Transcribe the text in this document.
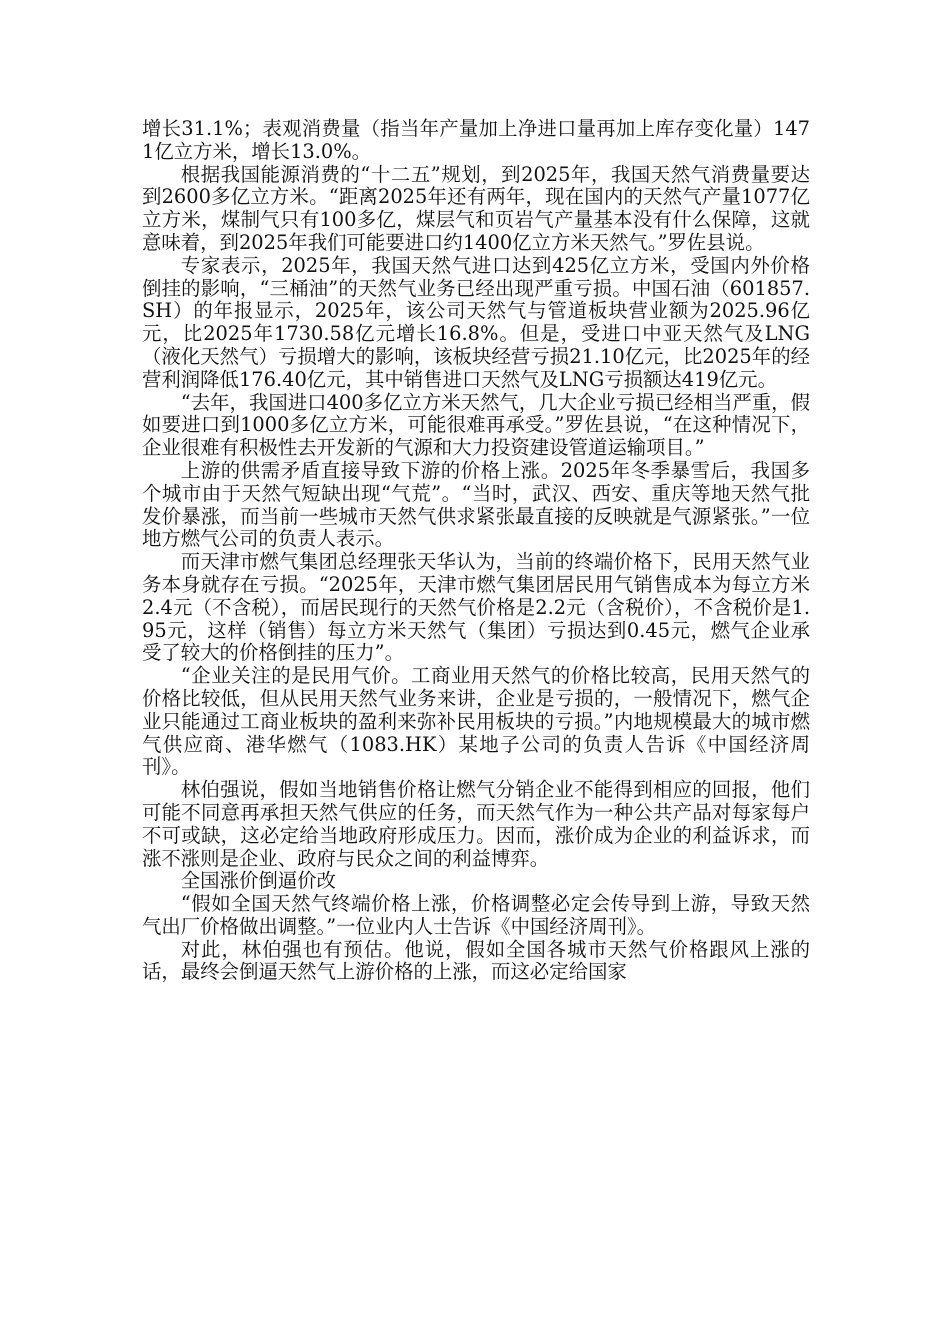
增长31.1%；表观消费量（指当年产量加上净进口量再加上库存变化量）1471亿立方米，增长13.0%。

根据我国能源消费的“十二五”规划，到2025年，我国天然气消费量要达到2600多亿立方米。“距离2025年还有两年，现在国内的天然气产量1077亿立方米，煤制气只有100多亿，煤层气和页岩气产量基本没有什么保障，这就意味着，到2025年我们可能要进口约1400亿立方米天然气。”罗佐县说。

专家表示，2025年，我国天然气进口达到425亿立方米，受国内外价格倒挂的影响，“三桶油”的天然气业务已经出现严重亏损。中国石油（601857.SH）的年报显示，2025年，该公司天然气与管道板块营业额为2025.96亿元，比2025年1730.58亿元增长16.8%。但是，受进口中亚天然气及LNG（液化天然气）亏损增大的影响，该板块经营亏损21.10亿元，比2025年的经营利润降低176.40亿元，其中销售进口天然气及LNG亏损额达419亿元。

“去年，我国进口400多亿立方米天然气，几大企业亏损已经相当严重，假如要进口到1000多亿立方米，可能很难再承受。”罗佐县说，“在这种情况下，企业很难有积极性去开发新的气源和大力投资建设管道运输项目。”

上游的供需矛盾直接导致下游的价格上涨。2025年冬季暴雪后，我国多个城市由于天然气短缺出现“气荒”。“当时，武汉、西安、重庆等地天然气批发价暴涨，而当前一些城市天然气供求紧张最直接的反映就是气源紧张。”一位地方燃气公司的负责人表示。

而天津市燃气集团总经理张天华认为，当前的终端价格下，民用天然气业务本身就存在亏损。“2025年，天津市燃气集团居民用气销售成本为每立方米2.4元（不含税），而居民现行的天然气价格是2.2元（含税价），不含税价是1.95元，这样（销售）每立方米天然气（集团）亏损达到0.45元，燃气企业承受了较大的价格倒挂的压力”。

“企业关注的是民用气价。工商业用天然气的价格比较高，民用天然气的价格比较低，但从民用天然气业务来讲，企业是亏损的，一般情况下，燃气企业只能通过工商业板块的盈利来弥补民用板块的亏损。”内地规模最大的城市燃气供应商、港华燃气（1083.HK）某地子公司的负责人告诉《中国经济周刊》。

林伯强说，假如当地销售价格让燃气分销企业不能得到相应的回报，他们可能不同意再承担天然气供应的任务，而天然气作为一种公共产品对每家每户不可或缺，这必定给当地政府形成压力。因而，涨价成为企业的利益诉求，而涨不涨则是企业、政府与民众之间的利益博弈。

全国涨价倒逼价改

“假如全国天然气终端价格上涨，价格调整必定会传导到上游，导致天然气出厂价格做出调整。”一位业内人士告诉《中国经济周刊》。

对此，林伯强也有预估。他说，假如全国各城市天然气价格跟风上涨的话，最终会倒逼天然气上游价格的上涨，而这必定给国家
